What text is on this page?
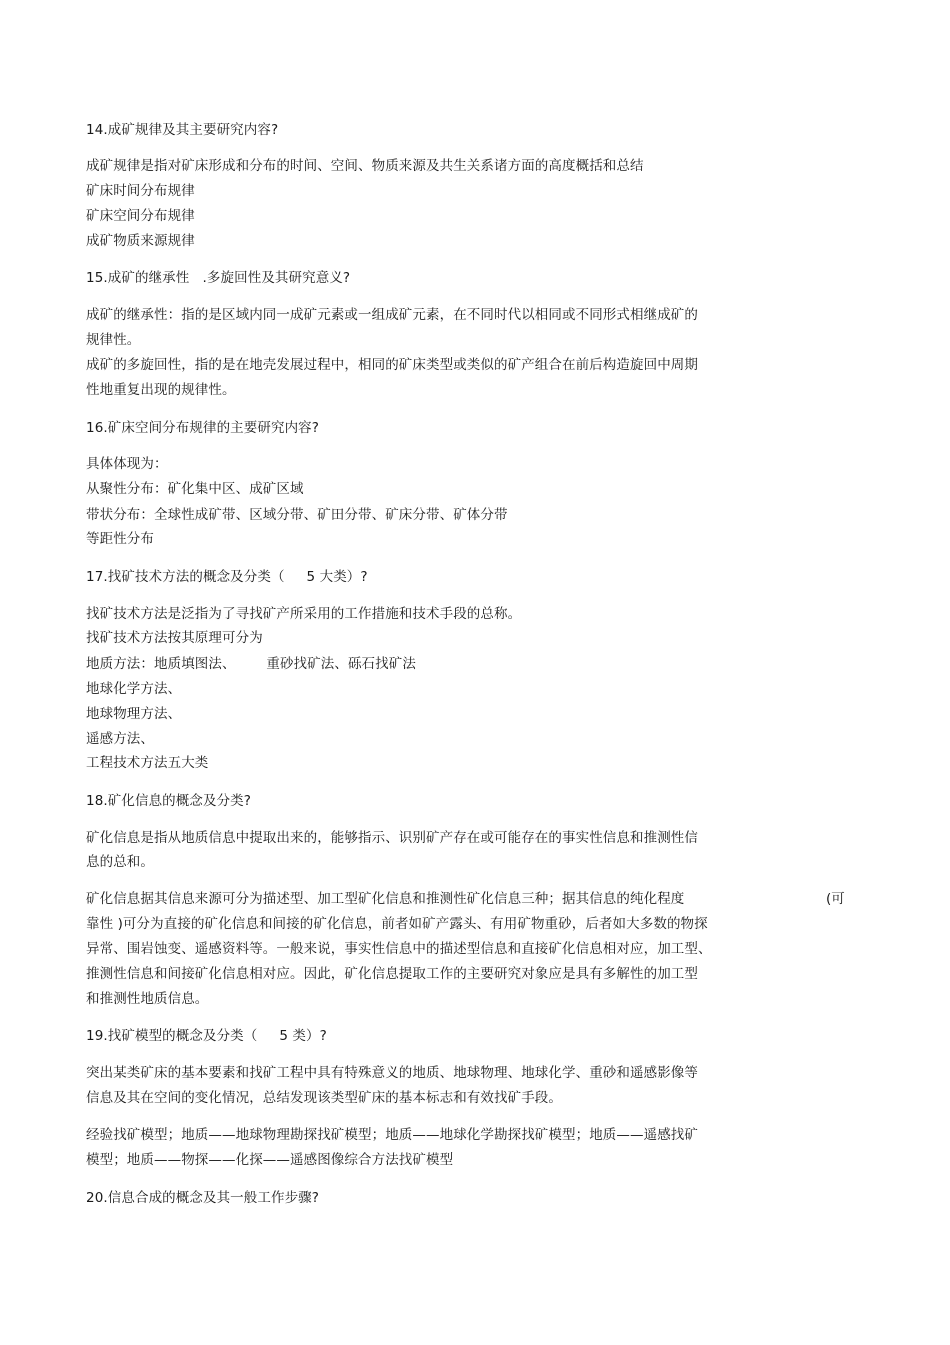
14.成矿规律及其主要研究内容?
成矿规律是指对矿床形成和分布的时间、空间、物质来源及共生关系诸方面的高度概括和总结
矿床时间分布规律
矿床空间分布规律
成矿物质来源规律
15.成矿的继承性   .多旋回性及其研究意义?
成矿的继承性：指的是区域内同一成矿元素或一组成矿元素，在不同时代以相同或不同形式相继成矿的
规律性。
成矿的多旋回性，指的是在地壳发展过程中，相同的矿床类型或类似的矿产组合在前后构造旋回中周期
性地重复出现的规律性。
16.矿床空间分布规律的主要研究内容?
具体体现为：
从聚性分布：矿化集中区、成矿区域
带状分布：全球性成矿带、区域分带、矿田分带、矿床分带、矿体分带
等距性分布
17.找矿技术方法的概念及分类（     5 大类）?
找矿技术方法是泛指为了寻找矿产所采用的工作措施和技术手段的总称。
找矿技术方法按其原理可分为
地质方法：地质填图法、       重砂找矿法、砾石找矿法
地球化学方法、
地球物理方法、
遥感方法、
工程技术方法五大类
18.矿化信息的概念及分类?
矿化信息是指从地质信息中提取出来的，能够指示、识别矿产存在或可能存在的事实性信息和推测性信
息的总和。
矿化信息据其信息来源可分为描述型、加工型矿化信息和推测性矿化信息三种；据其信息的纯化程度	(可
靠性 )可分为直接的矿化信息和间接的矿化信息，前者如矿产露头、有用矿物重砂，后者如大多数的物探
异常、围岩蚀变、遥感资料等。一般来说，事实性信息中的描述型信息和直接矿化信息相对应，加工型、
推测性信息和间接矿化信息相对应。因此，矿化信息提取工作的主要研究对象应是具有多解性的加工型
和推测性地质信息。
19.找矿模型的概念及分类（     5 类）?
突出某类矿床的基本要素和找矿工程中具有特殊意义的地质、地球物理、地球化学、重砂和遥感影像等
信息及其在空间的变化情况，总结发现该类型矿床的基本标志和有效找矿手段。
经验找矿模型；地质——地球物理勘探找矿模型；地质——地球化学勘探找矿模型；地质——遥感找矿
模型；地质——物探——化探——遥感图像综合方法找矿模型
20.信息合成的概念及其一般工作步骤?
